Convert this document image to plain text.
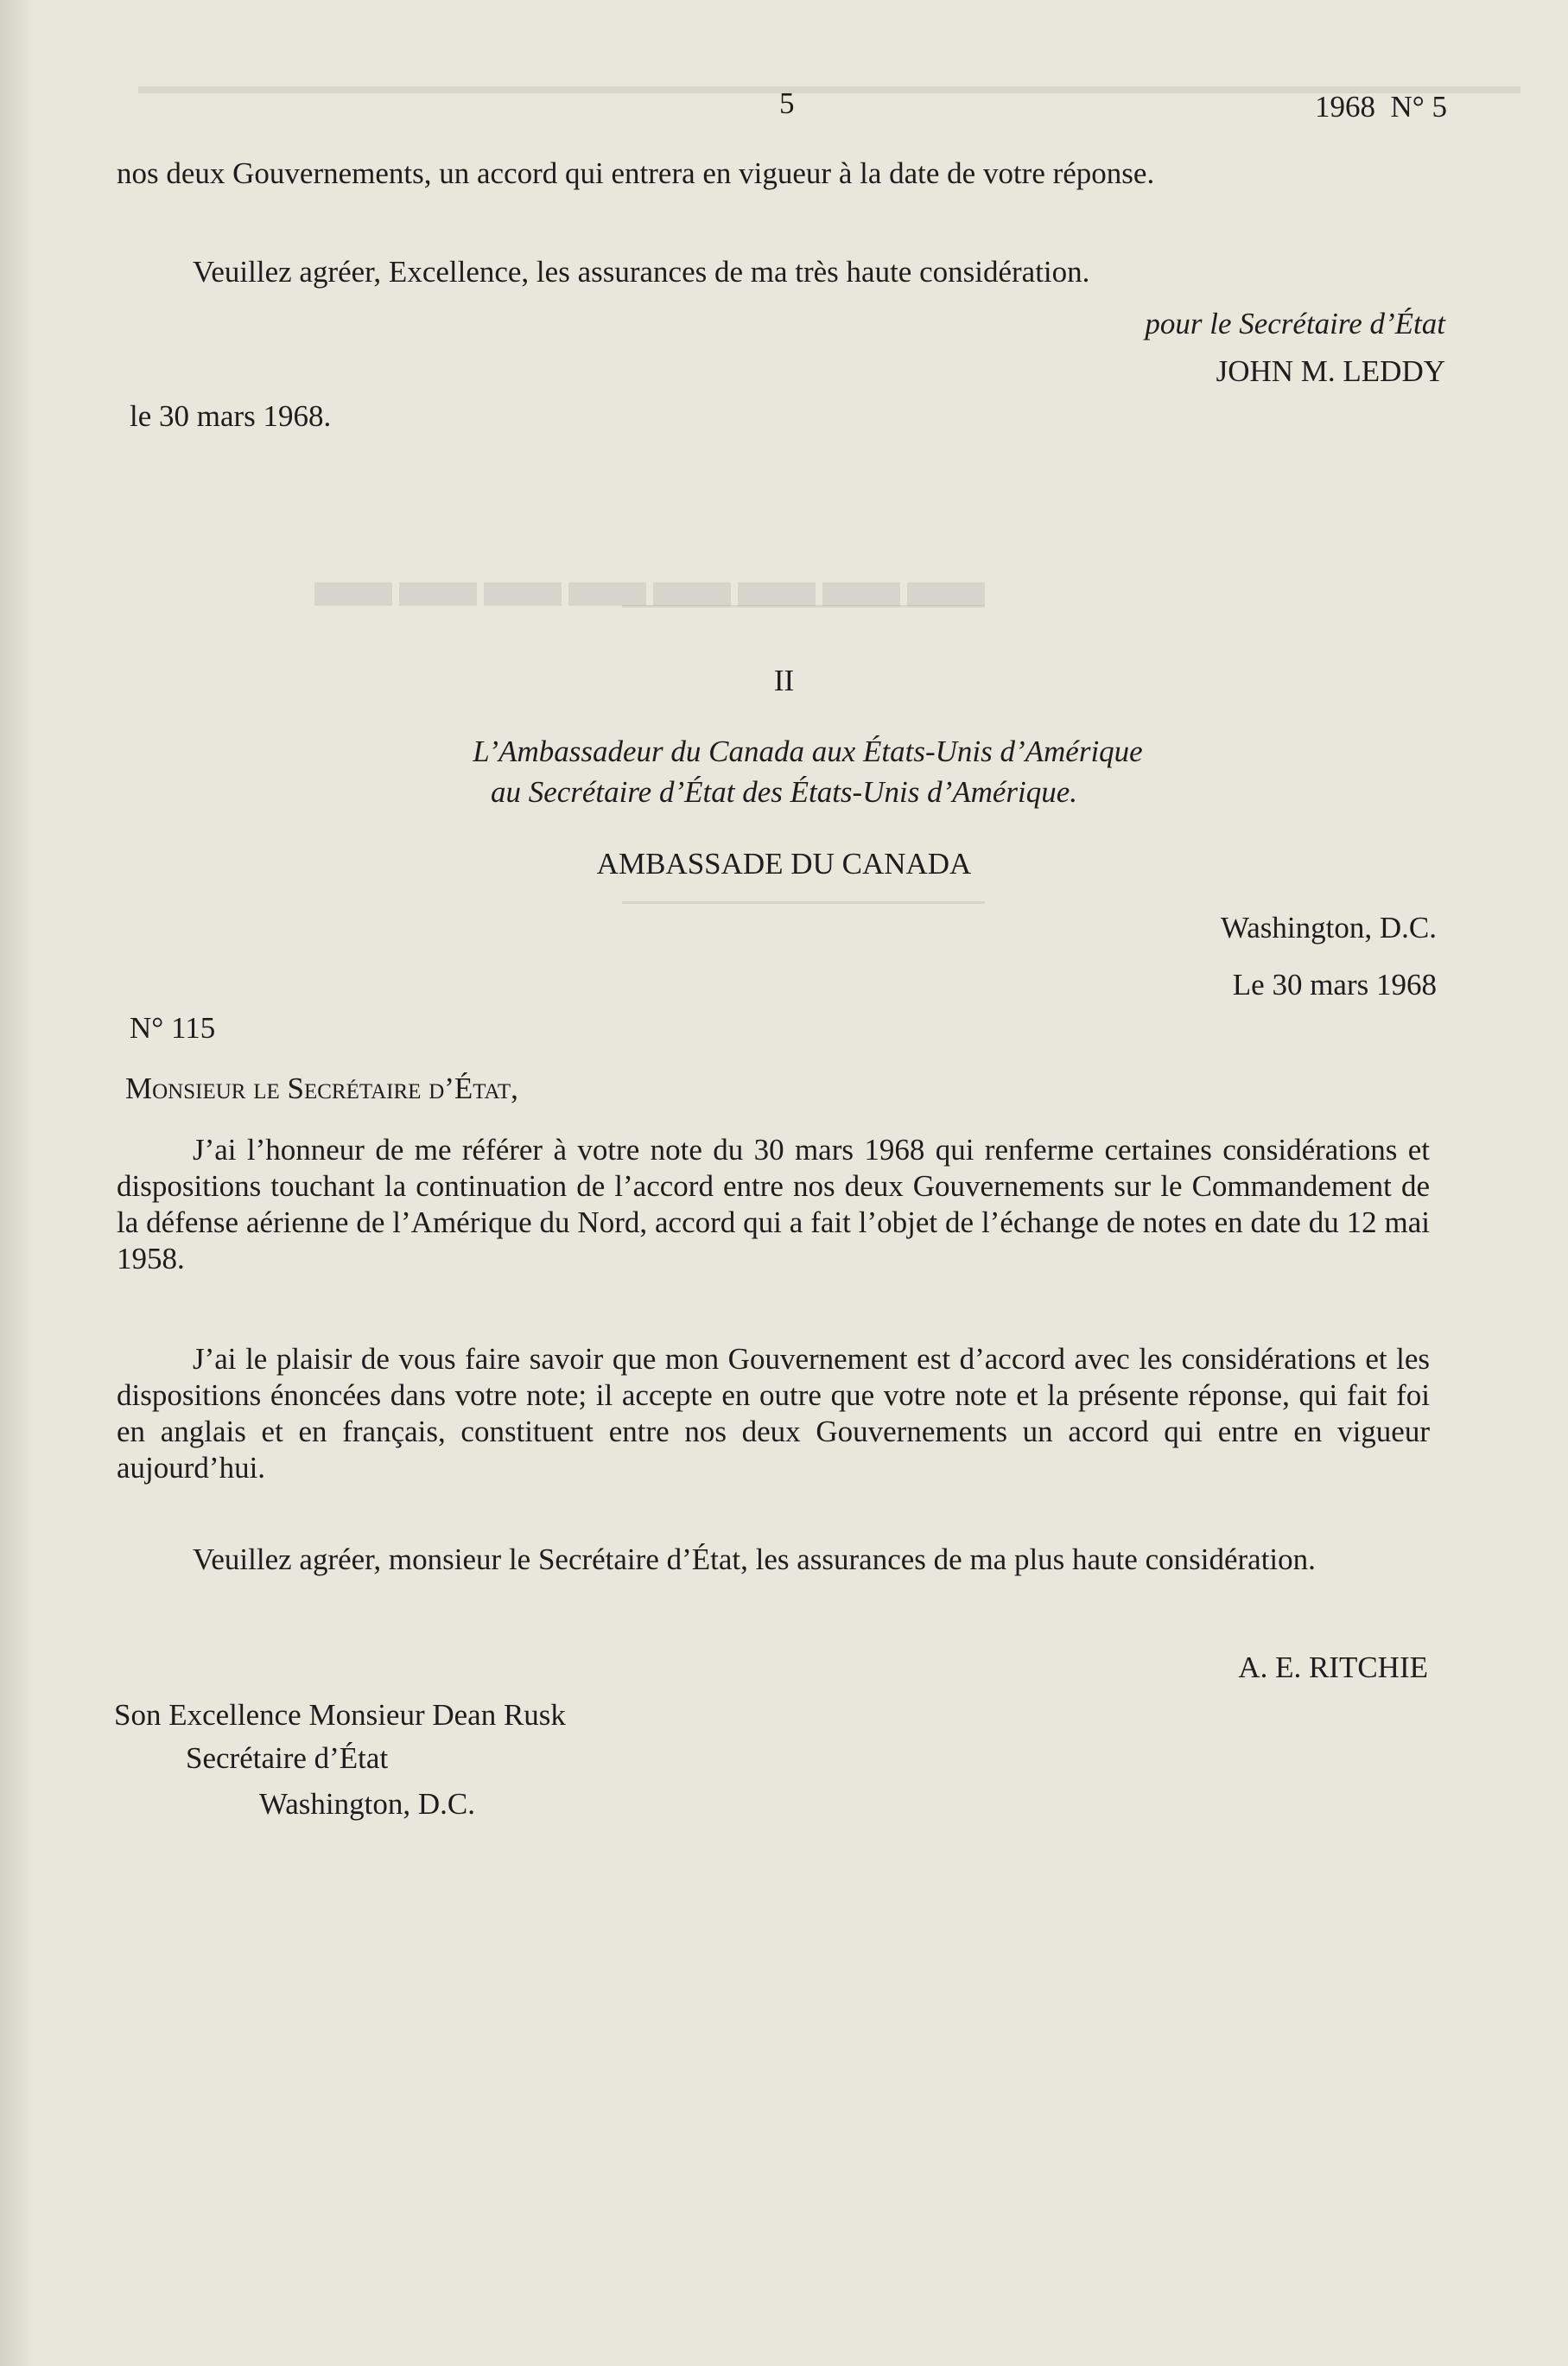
▬▬▬▬▬▬▬▬
5	1968  N° 5
nos deux Gouvernements, un accord qui entrera en vigueur à la date de votre réponse.
Veuillez agréer, Excellence, les assurances de ma très haute considération.
pour le Secrétaire d’État
JOHN M. LEDDY
le 30 mars 1968.
II
L’Ambassadeur du Canada aux États-Unis d’Amérique
au Secrétaire d’État des États-Unis d’Amérique.
AMBASSADE DU CANADA
Washington, D.C.
Le 30 mars 1968
N° 115
Monsieur le Secrétaire d’État,
J’ai l’honneur de me référer à votre note du 30 mars 1968 qui renferme certaines considérations et dispositions touchant la continuation de l’accord entre nos deux Gouvernements sur le Commandement de la défense aérienne de l’Amérique du Nord, accord qui a fait l’objet de l’échange de notes en date du 12 mai 1958.
J’ai le plaisir de vous faire savoir que mon Gouvernement est d’accord avec les considérations et les dispositions énoncées dans votre note; il accepte en outre que votre note et la présente réponse, qui fait foi en anglais et en français, constituent entre nos deux Gouvernements un accord qui entre en vigueur aujourd’hui.
Veuillez agréer, monsieur le Secrétaire d’État, les assurances de ma plus haute considération.
A. E. RITCHIE
Son Excellence Monsieur Dean Rusk
Secrétaire d’État
Washington, D.C.
